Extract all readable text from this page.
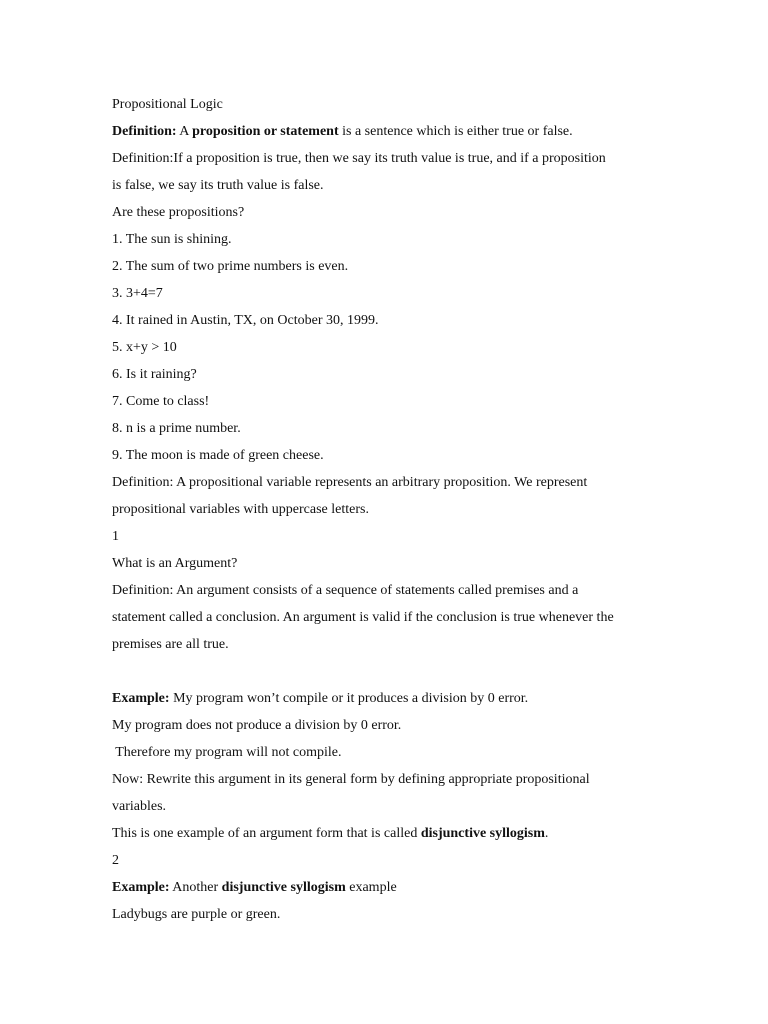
Propositional Logic
Definition: A proposition or statement is a sentence which is either true or false.
Definition:If a proposition is true, then we say its truth value is true, and if a proposition
is false, we say its truth value is false.
Are these propositions?
1. The sun is shining.
2. The sum of two prime numbers is even.
3. 3+4=7
4. It rained in Austin, TX, on October 30, 1999.
5. x+y > 10
6. Is it raining?
7. Come to class!
8. n is a prime number.
9. The moon is made of green cheese.
Definition: A propositional variable represents an arbitrary proposition. We represent
propositional variables with uppercase letters.
1
What is an Argument?
Definition: An argument consists of a sequence of statements called premises and a
statement called a conclusion. An argument is valid if the conclusion is true whenever the
premises are all true.
Example: My program won’t compile or it produces a division by 0 error.
My program does not produce a division by 0 error.
Therefore my program will not compile.
Now: Rewrite this argument in its general form by defining appropriate propositional
variables.
This is one example of an argument form that is called disjunctive syllogism.
2
Example: Another disjunctive syllogism example
Ladybugs are purple or green.
